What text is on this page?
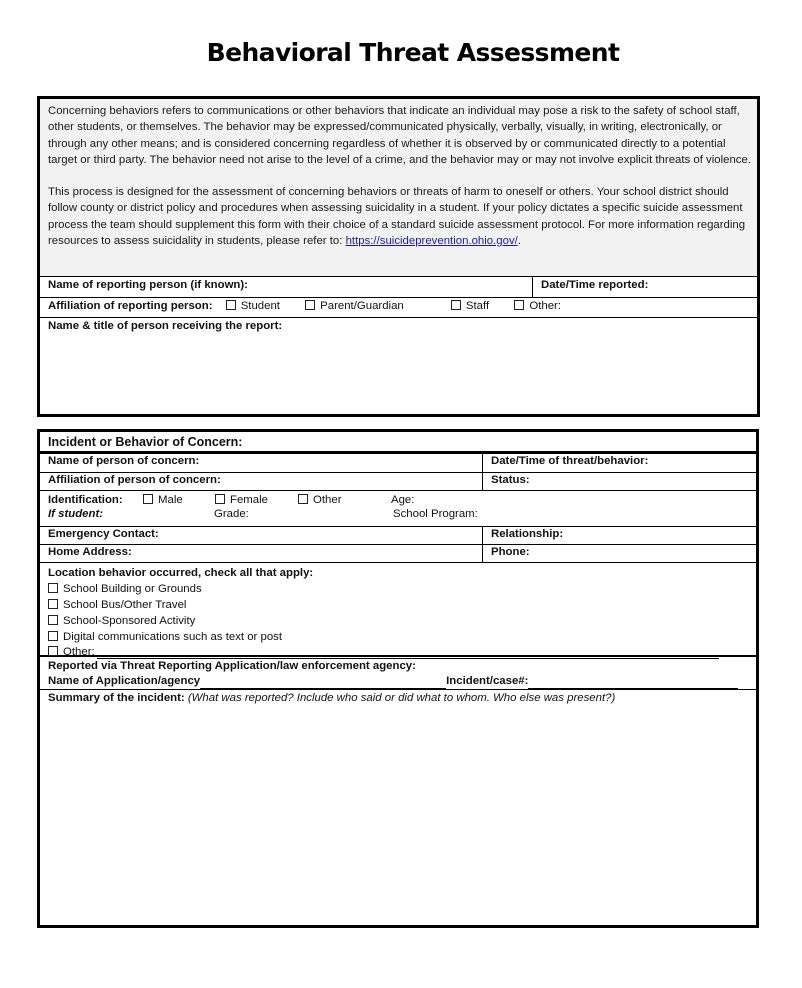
Behavioral Threat Assessment

Concerning behaviors refers to communications or other behaviors that indicate an individual may pose a risk to the safety of school staff, other students, or themselves. The behavior may be expressed/communicated physically, verbally, visually, in writing, electronically, or through any other means; and is considered concerning regardless of whether it is observed by or communicated directly to a potential target or third party. The behavior need not arise to the level of a crime, and the behavior may or may not involve explicit threats of violence.

This process is designed for the assessment of concerning behaviors or threats of harm to oneself or others. Your school district should follow county or district policy and procedures when assessing suicidality in a student. If your policy dictates a specific suicide assessment process the team should supplement this form with their choice of a standard suicide assessment protocol. For more information regarding resources to assess suicidality in students, please refer to: https://suicideprevention.ohio.gov/.

Name of reporting person (if known):	Date/Time reported:
Affiliation of reporting person: Student	Parent/Guardian	Staff	Other:
Name & title of person receiving the report:
Incident or Behavior of Concern:
Name of person of concern:	Date/Time of threat/behavior:
Affiliation of person of concern:	Status:
Identification:	Male	Female	Other	Age:
If student:	Grade:	School Program:
Emergency Contact:	Relationship:
Home Address:	Phone:
Location behavior occurred, check all that apply:
School Building or Grounds
School Bus/Other Travel
School-Sponsored Activity
Digital communications such as text or post
Other:
Reported via Threat Reporting Application/law enforcement agency:
Name of Application/agency	Incident/case#:
Summary of the incident: (What was reported? Include who said or did what to whom. Who else was present?)
